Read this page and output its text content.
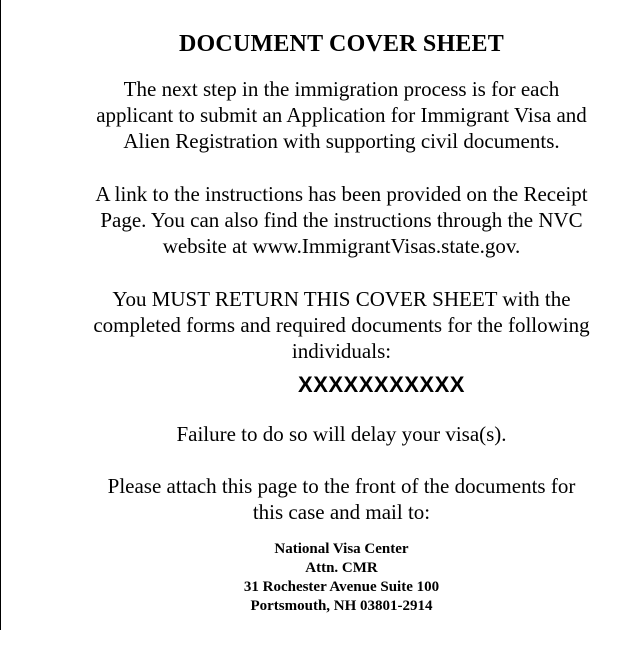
DOCUMENT COVER SHEET
The next step in the immigration process is for each
applicant to submit an Application for Immigrant Visa and
Alien Registration with supporting civil documents.
A link to the instructions has been provided on the Receipt
Page. You can also find the instructions through the NVC
website at www.ImmigrantVisas.state.gov.
You MUST RETURN THIS COVER SHEET with the
completed forms and required documents for the following
individuals:
XXXXXXXXXXX
Failure to do so will delay your visa(s).
Please attach this page to the front of the documents for
this case and mail to:
National Visa Center
Attn. CMR
31 Rochester Avenue Suite 100
Portsmouth, NH 03801-2914
